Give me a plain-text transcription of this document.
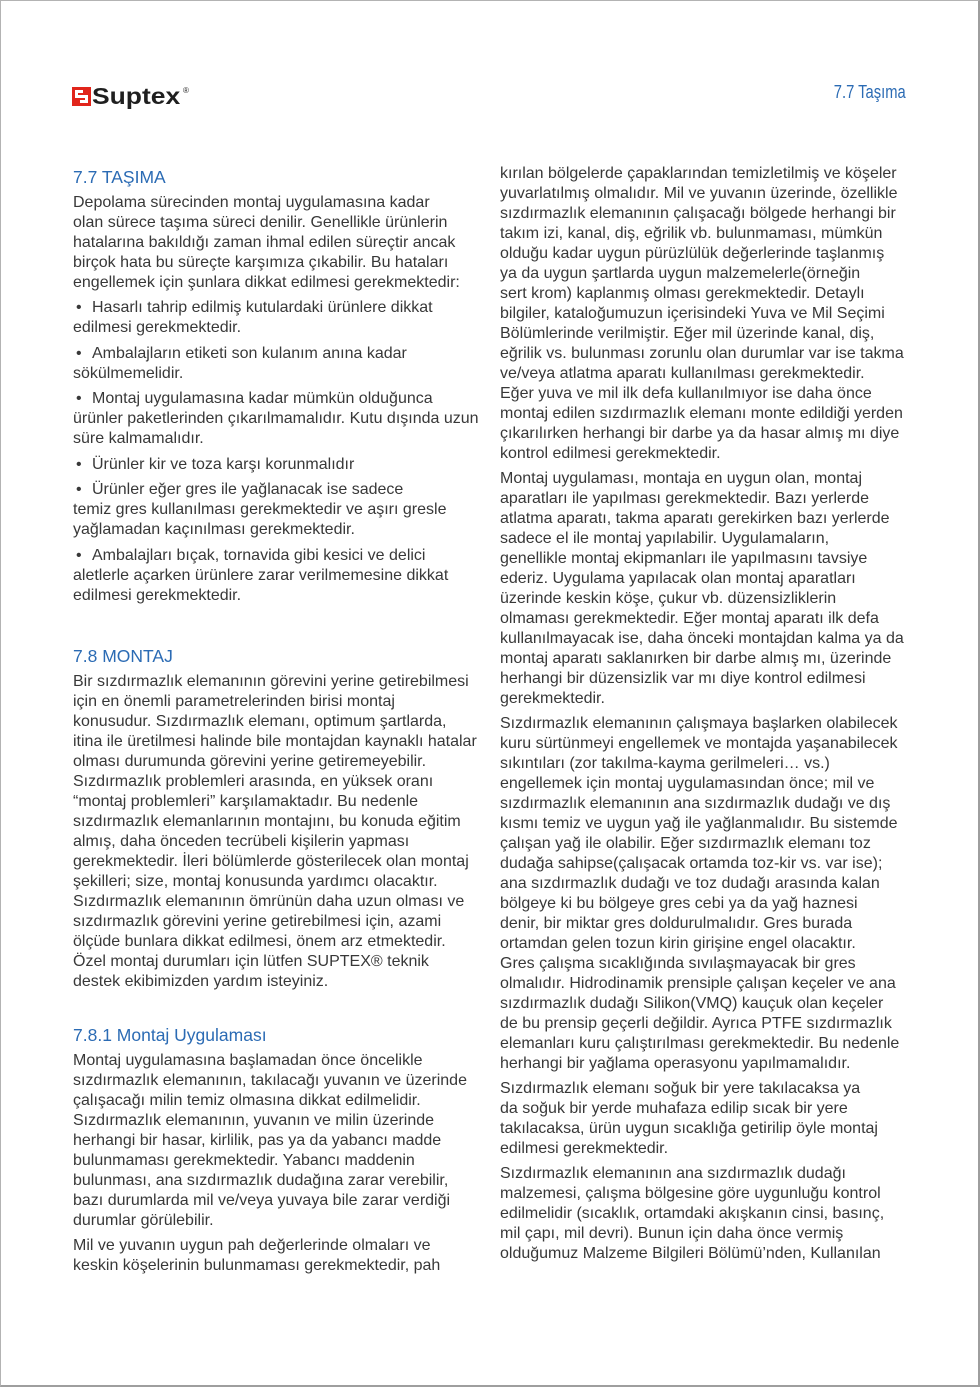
Suptex ®	7.7 Taşıma
7.7 TAŞIMA

Depolama sürecinden montaj uygulamasına kadar
olan sürece taşıma süreci denilir. Genellikle ürünlerin
hatalarına bakıldığı zaman ihmal edilen süreçtir ancak
birçok hata bu süreçte karşımıza çıkabilir. Bu hataları
engellemek için şunlara dikkat edilmesi gerekmektedir:

• Hasarlı tahrip edilmiş kutulardaki ürünlere dikkat
edilmesi gerekmektedir.

• Ambalajların etiketi son kulanım anına kadar
sökülmemelidir.

• Montaj uygulamasına kadar mümkün olduğunca
ürünler paketlerinden çıkarılmamalıdır. Kutu dışında uzun
süre kalmamalıdır.

• Ürünler kir ve toza karşı korunmalıdır

• Ürünler eğer gres ile yağlanacak ise sadece
temiz gres kullanılması gerekmektedir ve aşırı gresle
yağlamadan kaçınılması gerekmektedir.

• Ambalajları bıçak, tornavida gibi kesici ve delici
aletlerle açarken ürünlere zarar verilmemesine dikkat
edilmesi gerekmektedir.

7.8 MONTAJ

Bir sızdırmazlık elemanının görevini yerine getirebilmesi
için en önemli parametrelerinden birisi montaj
konusudur. Sızdırmazlık elemanı, optimum şartlarda,
itina ile üretilmesi halinde bile montajdan kaynaklı hatalar
olması durumunda görevini yerine getiremeyebilir.
Sızdırmazlık problemleri arasında, en yüksek oranı
“montaj problemleri” karşılamaktadır. Bu nedenle
sızdırmazlık elemanlarının montajını, bu konuda eğitim
almış, daha önceden tecrübeli kişilerin yapması
gerekmektedir. İleri bölümlerde gösterilecek olan montaj
şekilleri; size, montaj konusunda yardımcı olacaktır.
Sızdırmazlık elemanının ömrünün daha uzun olması ve
sızdırmazlık görevini yerine getirebilmesi için, azami
ölçüde bunlara dikkat edilmesi, önem arz etmektedir.
Özel montaj durumları için lütfen SUPTEX® teknik
destek ekibimizden yardım isteyiniz.

7.8.1 Montaj Uygulaması

Montaj uygulamasına başlamadan önce öncelikle
sızdırmazlık elemanının, takılacağı yuvanın ve üzerinde
çalışacağı milin temiz olmasına dikkat edilmelidir.
Sızdırmazlık elemanının, yuvanın ve milin üzerinde
herhangi bir hasar, kirlilik, pas ya da yabancı madde
bulunmaması gerekmektedir. Yabancı maddenin
bulunması, ana sızdırmazlık dudağına zarar verebilir,
bazı durumlarda mil ve/veya yuvaya bile zarar verdiği
durumlar görülebilir.

Mil ve yuvanın uygun pah değerlerinde olmaları ve
keskin köşelerinin bulunmaması gerekmektedir, pah

kırılan bölgelerde çapaklarından temizletilmiş ve köşeler
yuvarlatılmış olmalıdır. Mil ve yuvanın üzerinde, özellikle
sızdırmazlık elemanının çalışacağı bölgede herhangi bir
takım izi, kanal, diş, eğrilik vb. bulunmaması, mümkün
olduğu kadar uygun pürüzlülük değerlerinde taşlanmış
ya da uygun şartlarda uygun malzemelerle(örneğin
sert krom) kaplanmış olması gerekmektedir. Detaylı
bilgiler, kataloğumuzun içerisindeki Yuva ve Mil Seçimi
Bölümlerinde verilmiştir. Eğer mil üzerinde kanal, diş,
eğrilik vs. bulunması zorunlu olan durumlar var ise takma
ve/veya atlatma aparatı kullanılması gerekmektedir.
Eğer yuva ve mil ilk defa kullanılmıyor ise daha önce
montaj edilen sızdırmazlık elemanı monte edildiği yerden
çıkarılırken herhangi bir darbe ya da hasar almış mı diye
kontrol edilmesi gerekmektedir.

Montaj uygulaması, montaja en uygun olan, montaj
aparatları ile yapılması gerekmektedir. Bazı yerlerde
atlatma aparatı, takma aparatı gerekirken bazı yerlerde
sadece el ile montaj yapılabilir. Uygulamaların,
genellikle montaj ekipmanları ile yapılmasını tavsiye
ederiz. Uygulama yapılacak olan montaj aparatları
üzerinde keskin köşe, çukur vb. düzensizliklerin
olmaması gerekmektedir. Eğer montaj aparatı ilk defa
kullanılmayacak ise, daha önceki montajdan kalma ya da
montaj aparatı saklanırken bir darbe almış mı, üzerinde
herhangi bir düzensizlik var mı diye kontrol edilmesi
gerekmektedir.

Sızdırmazlık elemanının çalışmaya başlarken olabilecek
kuru sürtünmeyi engellemek ve montajda yaşanabilecek
sıkıntıları (zor takılma-kayma gerilmeleri… vs.)
engellemek için montaj uygulamasından önce; mil ve
sızdırmazlık elemanının ana sızdırmazlık dudağı ve dış
kısmı temiz ve uygun yağ ile yağlanmalıdır. Bu sistemde
çalışan yağ ile olabilir. Eğer sızdırmazlık elemanı toz
dudağa sahipse(çalışacak ortamda toz-kir vs. var ise);
ana sızdırmazlık dudağı ve toz dudağı arasında kalan
bölgeye ki bu bölgeye gres cebi ya da yağ haznesi
denir, bir miktar gres doldurulmalıdır. Gres burada
ortamdan gelen tozun kirin girişine engel olacaktır.
Gres çalışma sıcaklığında sıvılaşmayacak bir gres
olmalıdır. Hidrodinamik prensiple çalışan keçeler ve ana
sızdırmazlık dudağı Silikon(VMQ) kauçuk olan keçeler
de bu prensip geçerli değildir. Ayrıca PTFE sızdırmazlık
elemanları kuru çalıştırılması gerekmektedir. Bu nedenle
herhangi bir yağlama operasyonu yapılmamalıdır.

Sızdırmazlık elemanı soğuk bir yere takılacaksa ya
da soğuk bir yerde muhafaza edilip sıcak bir yere
takılacaksa, ürün uygun sıcaklığa getirilip öyle montaj
edilmesi gerekmektedir.

Sızdırmazlık elemanının ana sızdırmazlık dudağı
malzemesi, çalışma bölgesine göre uygunluğu kontrol
edilmelidir (sıcaklık, ortamdaki akışkanın cinsi, basınç,
mil çapı, mil devri). Bunun için daha önce vermiş
olduğumuz Malzeme Bilgileri Bölümü’nden, Kullanılan
